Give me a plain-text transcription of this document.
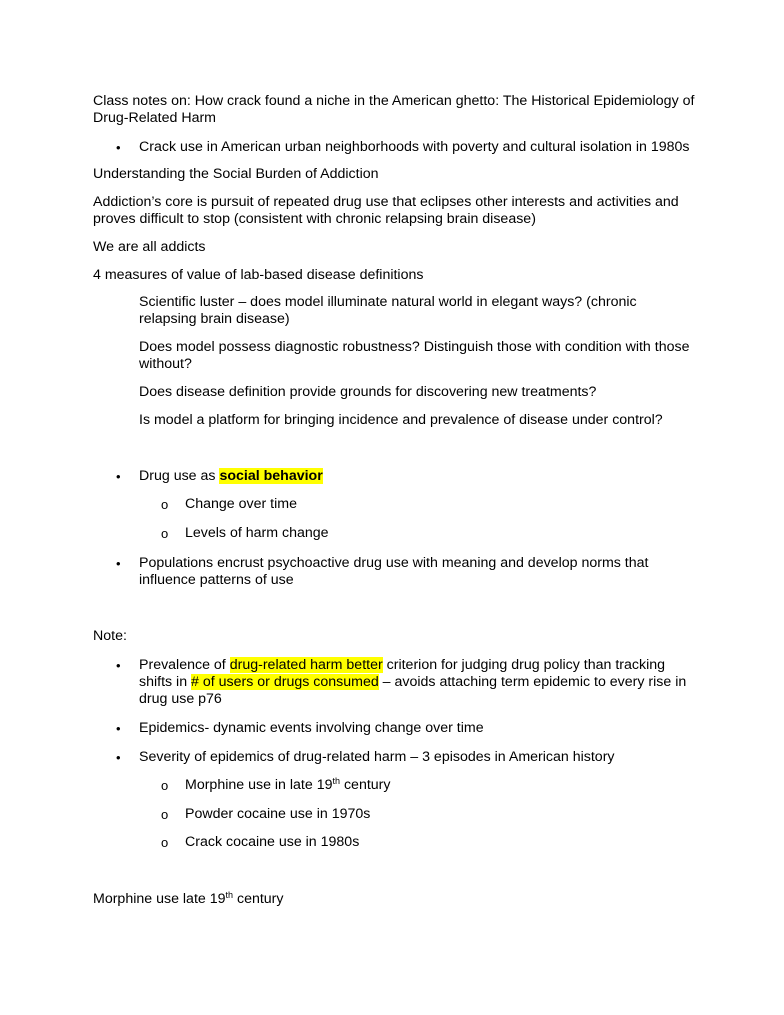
Class notes on: How crack found a niche in the American ghetto: The Historical Epidemiology of
Drug-Related Harm
• Crack use in American urban neighborhoods with poverty and cultural isolation in 1980s
Understanding the Social Burden of Addiction
Addiction’s core is pursuit of repeated drug use that eclipses other interests and activities and
proves difficult to stop (consistent with chronic relapsing brain disease)
We are all addicts
4 measures of value of lab-based disease definitions
Scientific luster – does model illuminate natural world in elegant ways? (chronic
relapsing brain disease)
Does model possess diagnostic robustness? Distinguish those with condition with those
without?
Does disease definition provide grounds for discovering new treatments?
Is model a platform for bringing incidence and prevalence of disease under control?
• Drug use as social behavior
o Change over time
o Levels of harm change
• Populations encrust psychoactive drug use with meaning and develop norms that
influence patterns of use
Note:
• Prevalence of drug-related harm better criterion for judging drug policy than tracking
shifts in # of users or drugs consumed – avoids attaching term epidemic to every rise in
drug use p76
• Epidemics- dynamic events involving change over time
• Severity of epidemics of drug-related harm – 3 episodes in American history
o Morphine use in late 19th century
o Powder cocaine use in 1970s
o Crack cocaine use in 1980s
Morphine use late 19th century
